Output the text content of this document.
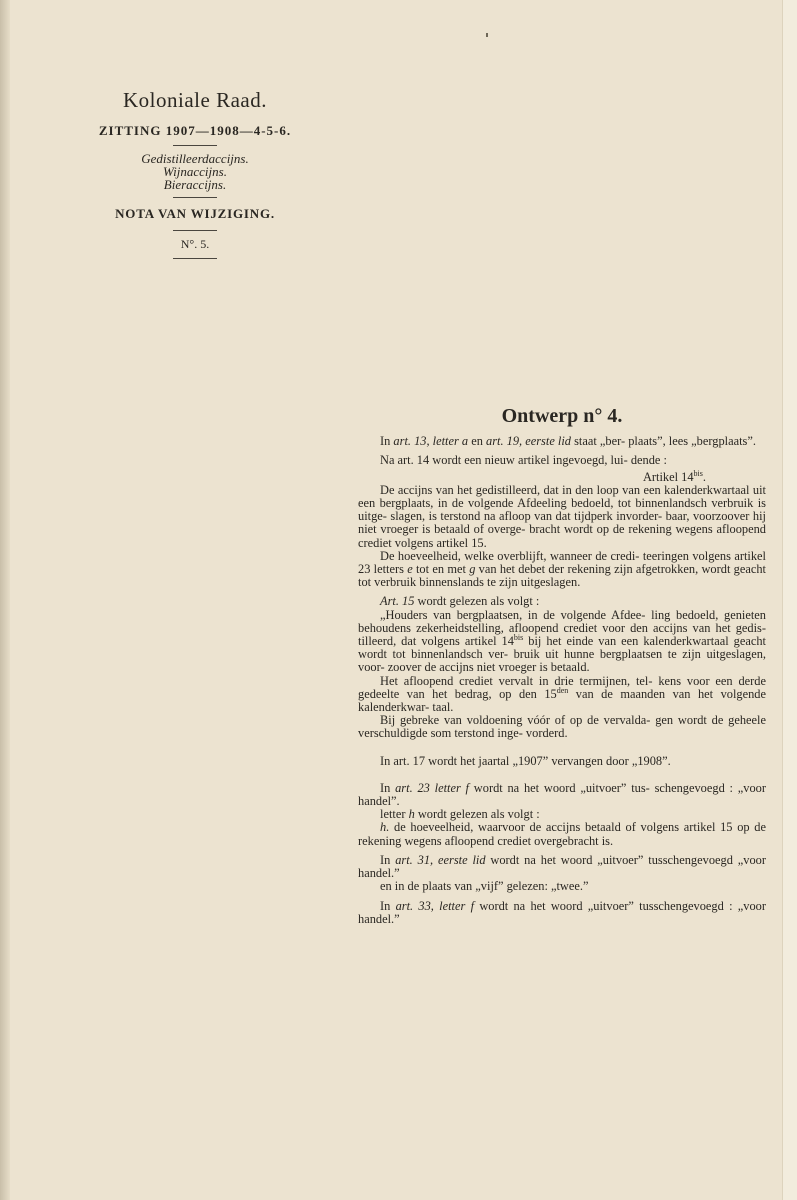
Koloniale Raad.
ZITTING 1907—1908—4-5-6.
Gedistilleerdaccijns.
Wijnaccijns.
Bieraccijns.
NOTA VAN WIJZIGING.
N°. 5.
Ontwerp n° 4.

In art. 13, letter a en art. 19, eerste lid staat „ber- plaats”, lees „bergplaats”.

Na art. 14 wordt een nieuw artikel ingevoegd, lui- dende :

Artikel $14^{bis}$.

De accijns van het gedistilleerd, dat in den loop van een kalenderkwartaal uit een bergplaats, in de volgende Afdeeling bedoeld, tot binnenlandsch verbruik is uitge- slagen, is terstond na afloop van dat tijdperk invorder- baar, voorzoover hij niet vroeger is betaald of overge- bracht wordt op de rekening wegens afloopend crediet volgens artikel 15.

De hoeveelheid, welke overblijft, wanneer de credi- teeringen volgens artikel 23 letters e tot en met g van het debet der rekening zijn afgetrokken, wordt geacht tot verbruik binnenslands te zijn uitgeslagen.

Art. 15 wordt gelezen als volgt :

„Houders van bergplaatsen, in de volgende Afdee- ling bedoeld, genieten behoudens zekerheidstelling, afloopend crediet voor den accijns van het gedis- tilleerd, dat volgens artikel $14^{bis}$ bij het einde van een kalenderkwartaal geacht wordt tot binnenlandsch ver- bruik uit hunne bergplaatsen te zijn uitgeslagen, voor- zoover de accijns niet vroeger is betaald.

Het afloopend crediet vervalt in drie termijnen, tel- kens voor een derde gedeelte van het bedrag, op den $15^{den}$ van de maanden van het volgende kalenderkwar- taal.

Bij gebreke van voldoening vóór of op de vervalda- gen wordt de geheele verschuldigde som terstond inge- vorderd.

In art. 17 wordt het jaartal „1907” vervangen door „1908”.

In art. 23 letter f wordt na het woord „uitvoer” tus- schengevoegd : „voor handel”.

letter h wordt gelezen als volgt :

h. de hoeveelheid, waarvoor de accijns betaald of volgens artikel 15 op de rekening wegens afloopend crediet overgebracht is.

In art. 31, eerste lid wordt na het woord „uitvoer” tusschengevoegd „voor handel.”

en in de plaats van „vijf” gelezen: „twee.”

In art. 33, letter f wordt na het woord „uitvoer” tusschengevoegd : „voor handel.”
